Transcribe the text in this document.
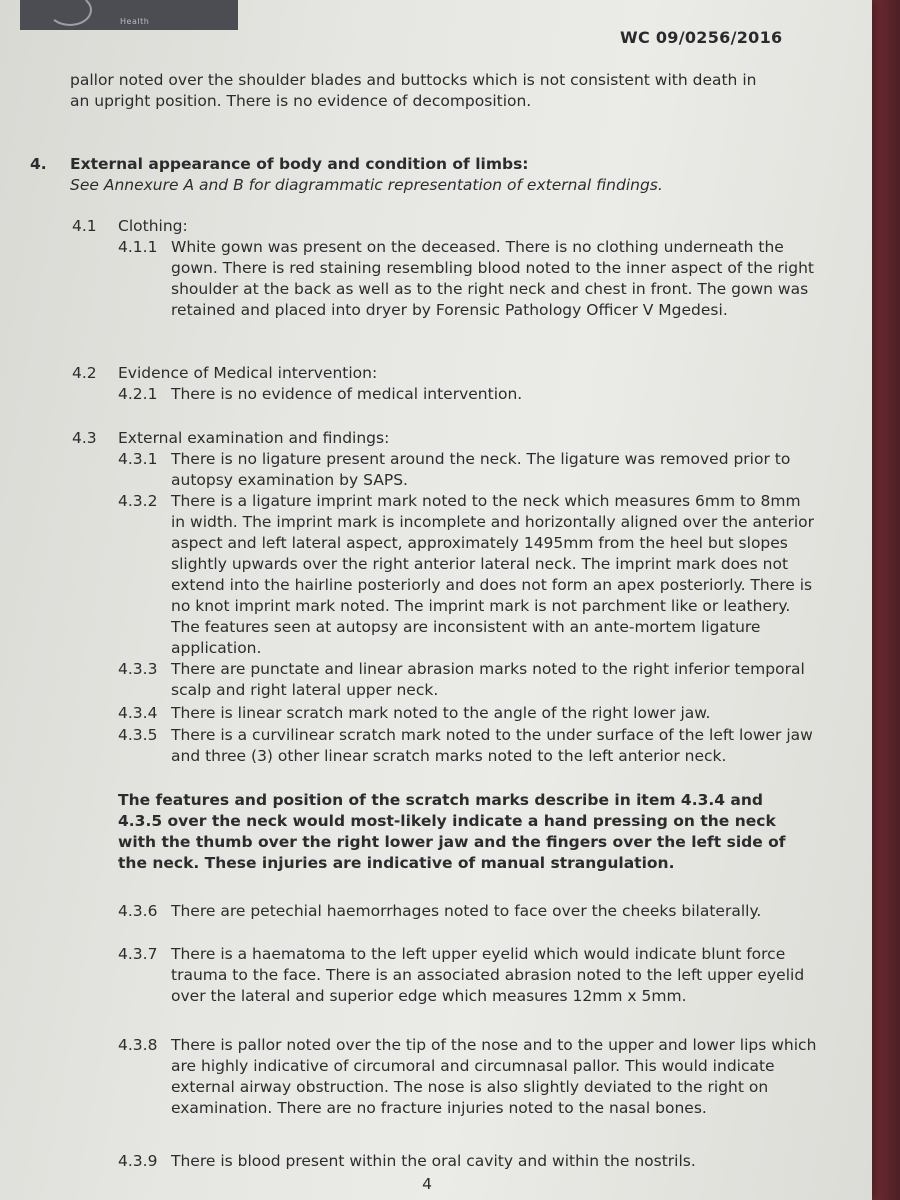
Health
WC 09/0256/2016
pallor noted over the shoulder blades and buttocks which is not consistent with death in an upright position. There is no evidence of decomposition.
4. External appearance of body and condition of limbs:
See Annexure A and B for diagrammatic representation of external findings.
4.1 Clothing:
4.1.1 White gown was present on the deceased. There is no clothing underneath the gown. There is red staining resembling blood noted to the inner aspect of the right shoulder at the back as well as to the right neck and chest in front. The gown was retained and placed into dryer by Forensic Pathology Officer V Mgedesi.
4.2 Evidence of Medical intervention:
4.2.1 There is no evidence of medical intervention.
4.3 External examination and findings:
4.3.1 There is no ligature present around the neck. The ligature was removed prior to autopsy examination by SAPS.
4.3.2 There is a ligature imprint mark noted to the neck which measures 6mm to 8mm in width. The imprint mark is incomplete and horizontally aligned over the anterior aspect and left lateral aspect, approximately 1495mm from the heel but slopes slightly upwards over the right anterior lateral neck. The imprint mark does not extend into the hairline posteriorly and does not form an apex posteriorly. There is no knot imprint mark noted. The imprint mark is not parchment like or leathery. The features seen at autopsy are inconsistent with an ante-mortem ligature application.
4.3.3 There are punctate and linear abrasion marks noted to the right inferior temporal scalp and right lateral upper neck.
4.3.4 There is linear scratch mark noted to the angle of the right lower jaw.
4.3.5 There is a curvilinear scratch mark noted to the under surface of the left lower jaw and three (3) other linear scratch marks noted to the left anterior neck.
The features and position of the scratch marks describe in item 4.3.4 and 4.3.5 over the neck would most-likely indicate a hand pressing on the neck with the thumb over the right lower jaw and the fingers over the left side of the neck. These injuries are indicative of manual strangulation.
4.3.6 There are petechial haemorrhages noted to face over the cheeks bilaterally.
4.3.7 There is a haematoma to the left upper eyelid which would indicate blunt force trauma to the face. There is an associated abrasion noted to the left upper eyelid over the lateral and superior edge which measures 12mm x 5mm.
4.3.8 There is pallor noted over the tip of the nose and to the upper and lower lips which are highly indicative of circumoral and circumnasal pallor. This would indicate external airway obstruction. The nose is also slightly deviated to the right on examination. There are no fracture injuries noted to the nasal bones.
4.3.9 There is blood present within the oral cavity and within the nostrils.
4
